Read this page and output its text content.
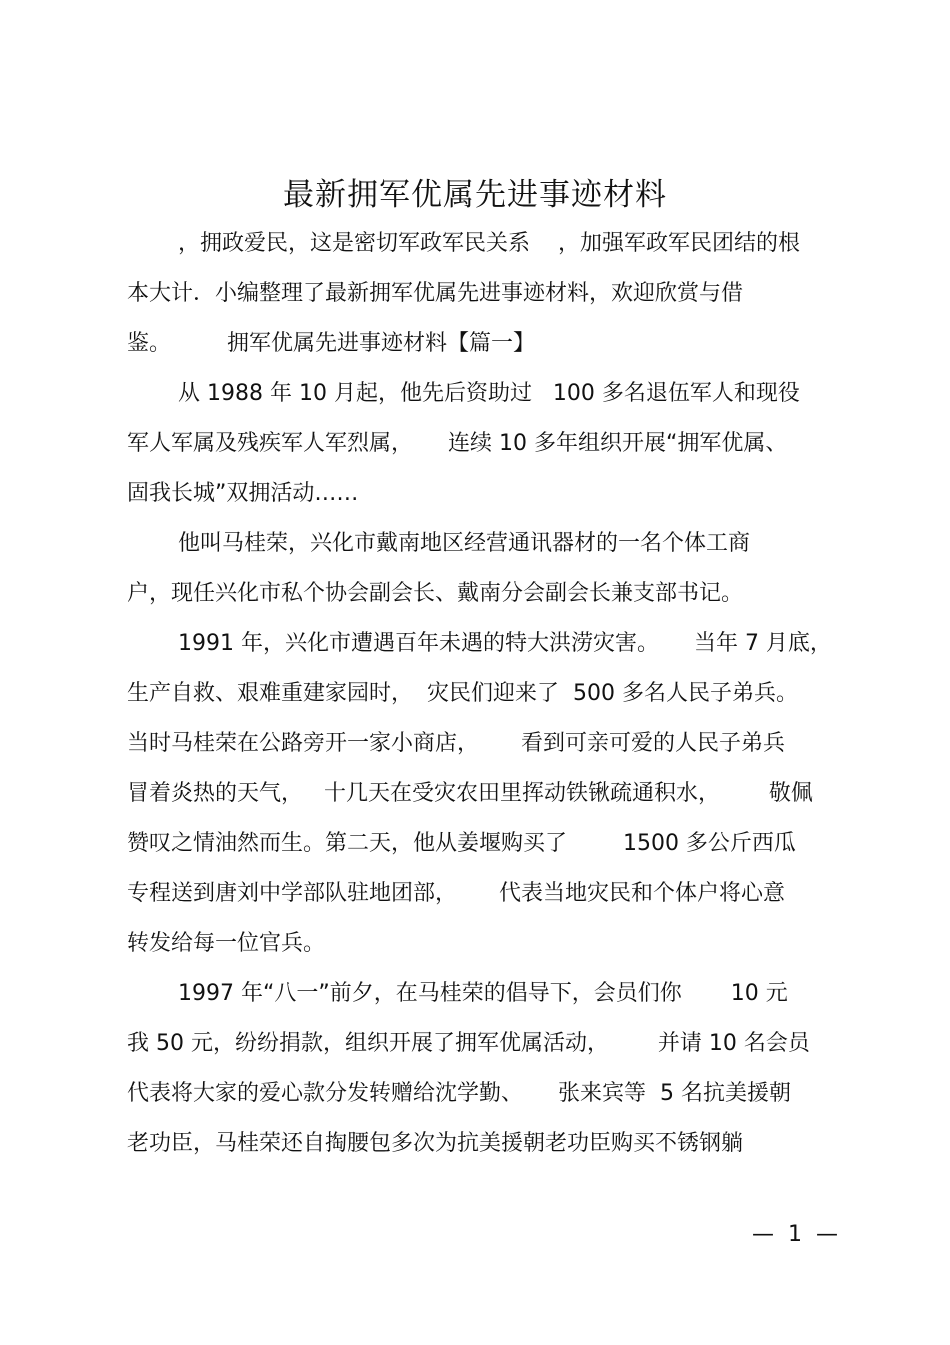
最新拥军优属先进事迹材料
，拥政爱民，这是密切军政军民关系    ，加强军政军民团结的根
本大计．小编整理了最新拥军优属先进事迹材料，欢迎欣赏与借
鉴。        拥军优属先进事迹材料【篇一】
从 1988 年 10 月起，他先后资助过   100 多名退伍军人和现役
军人军属及残疾军人军烈属，     连续 10 多年组织开展“拥军优属、
固我长城”双拥活动……
他叫马桂荣，兴化市戴南地区经营通讯器材的一名个体工商
户，现任兴化市私个协会副会长、戴南分会副会长兼支部书记。
1991 年，兴化市遭遇百年未遇的特大洪涝灾害。     当年 7 月底，
生产自救、艰难重建家园时，  灾民们迎来了  500 多名人民子弟兵。
当时马桂荣在公路旁开一家小商店，      看到可亲可爱的人民子弟兵
冒着炎热的天气，   十几天在受灾农田里挥动铁锹疏通积水，       敬佩
赞叹之情油然而生。第二天，他从姜堰购买了        1500 多公斤西瓜
专程送到唐刘中学部队驻地团部，      代表当地灾民和个体户将心意
转发给每一位官兵。
1997 年“八一”前夕，在马桂荣的倡导下，会员们你       10 元
我 50 元，纷纷捐款，组织开展了拥军优属活动，       并请 10 名会员
代表将大家的爱心款分发转赠给沈学勤、     张来宾等  5 名抗美援朝
老功臣，马桂荣还自掏腰包多次为抗美援朝老功臣购买不锈钢躺
—  1  —
